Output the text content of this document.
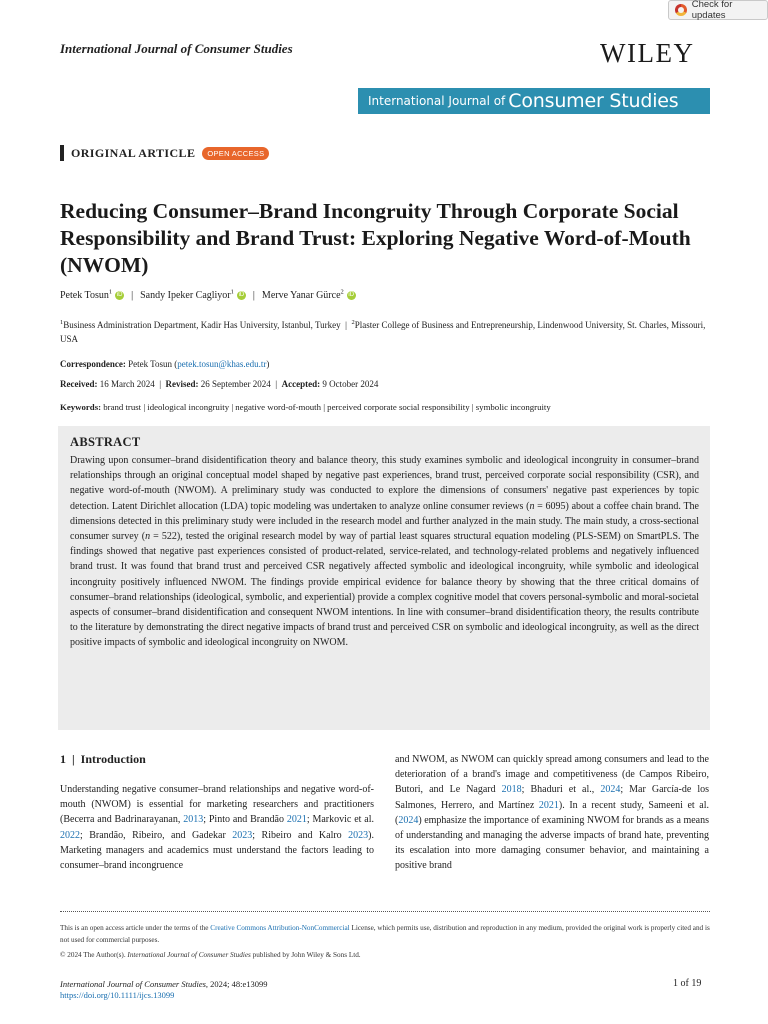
Check for updates
International Journal of Consumer Studies	WILEY
International Journal of Consumer Studies
ORIGINAL ARTICLE	OPEN ACCESS
Reducing Consumer–Brand Incongruity Through Corporate Social Responsibility and Brand Trust: Exploring Negative Word-of-Mouth (NWOM)
Petek Tosun$^1$ iD | Sandy Ipeker Cagliyor$^1$ iD | Merve Yanar Gürce$^2$ iD
$^1$Business Administration Department, Kadir Has University, Istanbul, Turkey | $^2$Plaster College of Business and Entrepreneurship, Lindenwood University, St. Charles, Missouri, USA
Correspondence: Petek Tosun (petek.tosun@khas.edu.tr)
Received: 16 March 2024 | Revised: 26 September 2024 | Accepted: 9 October 2024
Keywords: brand trust | ideological incongruity | negative word-of-mouth | perceived corporate social responsibility | symbolic incongruity
ABSTRACT
Drawing upon consumer–brand disidentification theory and balance theory, this study examines symbolic and ideological incongruity in consumer–brand relationships through an original conceptual model shaped by negative past experiences, brand trust, perceived corporate social responsibility (CSR), and negative word-of-mouth (NWOM). A preliminary study was conducted to explore the dimensions of consumers' negative past experiences by topic detection. Latent Dirichlet allocation (LDA) topic modeling was undertaken to analyze online consumer reviews (n = 6095) about a coffee chain brand. The dimensions detected in this preliminary study were included in the research model and further analyzed in the main study. The main study, a cross-sectional consumer survey (n = 522), tested the original research model by way of partial least squares structural equation modeling (PLS-SEM) on SmartPLS. The findings showed that negative past experiences consisted of product-related, service-related, and technology-related problems and negatively influenced brand trust. It was found that brand trust and perceived CSR negatively affected symbolic and ideological incongruity, while symbolic and ideological incongruity positively influenced NWOM. The findings provide empirical evidence for balance theory by showing that the three critical domains of consumer–brand relationships (ideological, symbolic, and experiential) provide a complex cognitive model that covers personal-symbolic and moral-societal aspects of consumer–brand disidentification and consequent NWOM intentions. In line with consumer–brand disidentification theory, the results contribute to the literature by demonstrating the direct negative impacts of brand trust and perceived CSR on symbolic and ideological incongruity, as well as the direct positive impacts of symbolic and ideological incongruity on NWOM.
1 | Introduction
Understanding negative consumer–brand relationships and negative word-of-mouth (NWOM) is essential for marketing researchers and practitioners (Becerra and Badrinarayanan, 2013; Pinto and Brandão 2021; Markovic et al. 2022; Brandão, Ribeiro, and Gadekar 2023; Ribeiro and Kalro 2023). Marketing managers and academics must understand the factors leading to consumer–brand incongruence
and NWOM, as NWOM can quickly spread among consumers and lead to the deterioration of a brand's image and competitiveness (de Campos Ribeiro, Butori, and Le Nagard 2018; Bhaduri et al., 2024; Mar García-de los Salmones, Herrero, and Martínez 2021). In a recent study, Sameeni et al. (2024) emphasize the importance of examining NWOM for brands as a means of understanding and managing the adverse impacts of brand hate, preventing its escalation into more damaging consumer behavior, and maintaining a positive brand
This is an open access article under the terms of the Creative Commons Attribution-NonCommercial License, which permits use, distribution and reproduction in any medium, provided the original work is properly cited and is not used for commercial purposes.
© 2024 The Author(s). International Journal of Consumer Studies published by John Wiley & Sons Ltd.
International Journal of Consumer Studies, 2024; 48:e13099
https://doi.org/10.1111/ijcs.13099
1 of 19
